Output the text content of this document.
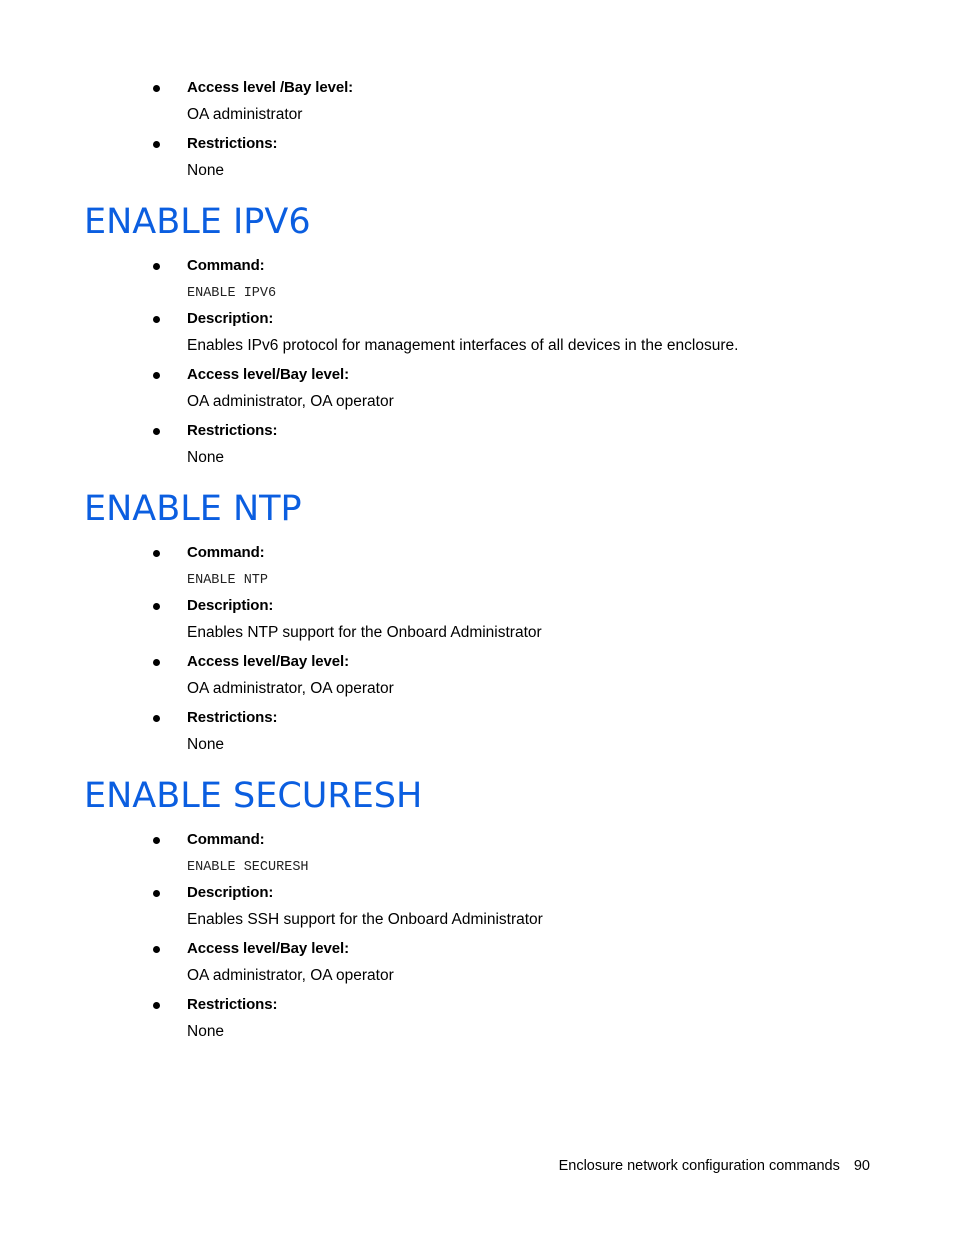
Access level /Bay level:
OA administrator
Restrictions:
None
ENABLE IPV6
Command:
ENABLE IPV6
Description:
Enables IPv6 protocol for management interfaces of all devices in the enclosure.
Access level/Bay level:
OA administrator, OA operator
Restrictions:
None
ENABLE NTP
Command:
ENABLE NTP
Description:
Enables NTP support for the Onboard Administrator
Access level/Bay level:
OA administrator, OA operator
Restrictions:
None
ENABLE SECURESH
Command:
ENABLE SECURESH
Description:
Enables SSH support for the Onboard Administrator
Access level/Bay level:
OA administrator, OA operator
Restrictions:
None
Enclosure network configuration commands 90
